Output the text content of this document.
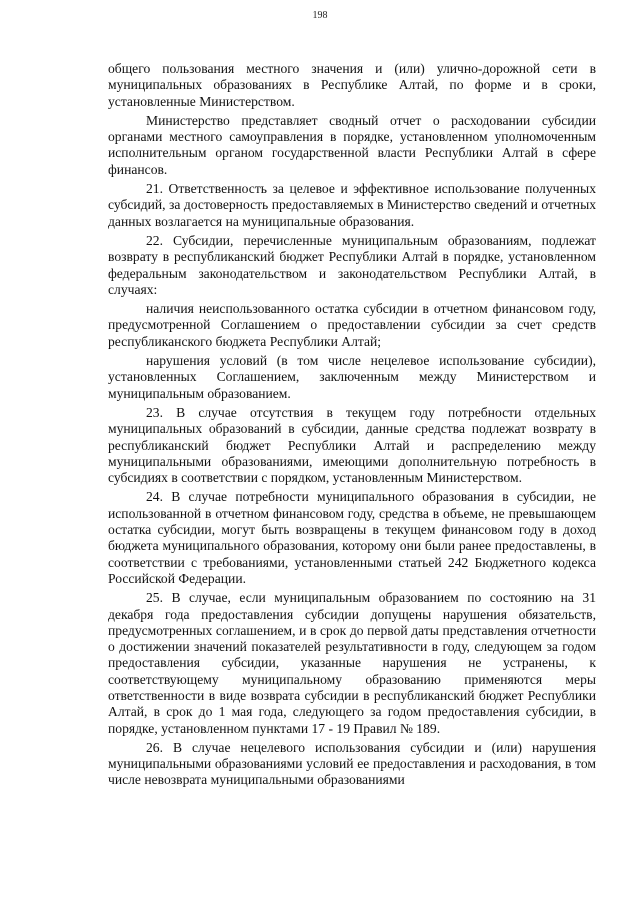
198

общего пользования местного значения и (или) улично-дорожной сети в муниципальных образованиях в Республике Алтай, по форме и в сроки, установленные Министерством.

Министерство представляет сводный отчет о расходовании субсидии органами местного самоуправления в порядке, установленном уполномоченным исполнительным органом государственной власти Республики Алтай в сфере финансов.

21. Ответственность за целевое и эффективное использование полученных субсидий, за достоверность предоставляемых в Министерство сведений и отчетных данных возлагается на муниципальные образования.

22. Субсидии, перечисленные муниципальным образованиям, подлежат возврату в республиканский бюджет Республики Алтай в порядке, установленном федеральным законодательством и законодательством Республики Алтай, в случаях:

наличия неиспользованного остатка субсидии в отчетном финансовом году, предусмотренной Соглашением о предоставлении субсидии за счет средств республиканского бюджета Республики Алтай;

нарушения условий (в том числе нецелевое использование субсидии), установленных Соглашением, заключенным между Министерством и муниципальным образованием.

23. В случае отсутствия в текущем году потребности отдельных муниципальных образований в субсидии, данные средства подлежат возврату в республиканский бюджет Республики Алтай и распределению между муниципальными образованиями, имеющими дополнительную потребность в субсидиях в соответствии с порядком, установленным Министерством.

24. В случае потребности муниципального образования в субсидии, не использованной в отчетном финансовом году, средства в объеме, не превышающем остатка субсидии, могут быть возвращены в текущем финансовом году в доход бюджета муниципального образования, которому они были ранее предоставлены, в соответствии с требованиями, установленными статьей 242 Бюджетного кодекса Российской Федерации.

25. В случае, если муниципальным образованием по состоянию на 31 декабря года предоставления субсидии допущены нарушения обязательств, предусмотренных соглашением, и в срок до первой даты представления отчетности о достижении значений показателей результативности в году, следующем за годом предоставления субсидии, указанные нарушения не устранены, к соответствующему муниципальному образованию применяются меры ответственности в виде возврата субсидии в республиканский бюджет Республики Алтай, в срок до 1 мая года, следующего за годом предоставления субсидии, в порядке, установленном пунктами 17 - 19 Правил № 189.

26. В случае нецелевого использования субсидии и (или) нарушения муниципальными образованиями условий ее предоставления и расходования, в том числе невозврата муниципальными образованиями
